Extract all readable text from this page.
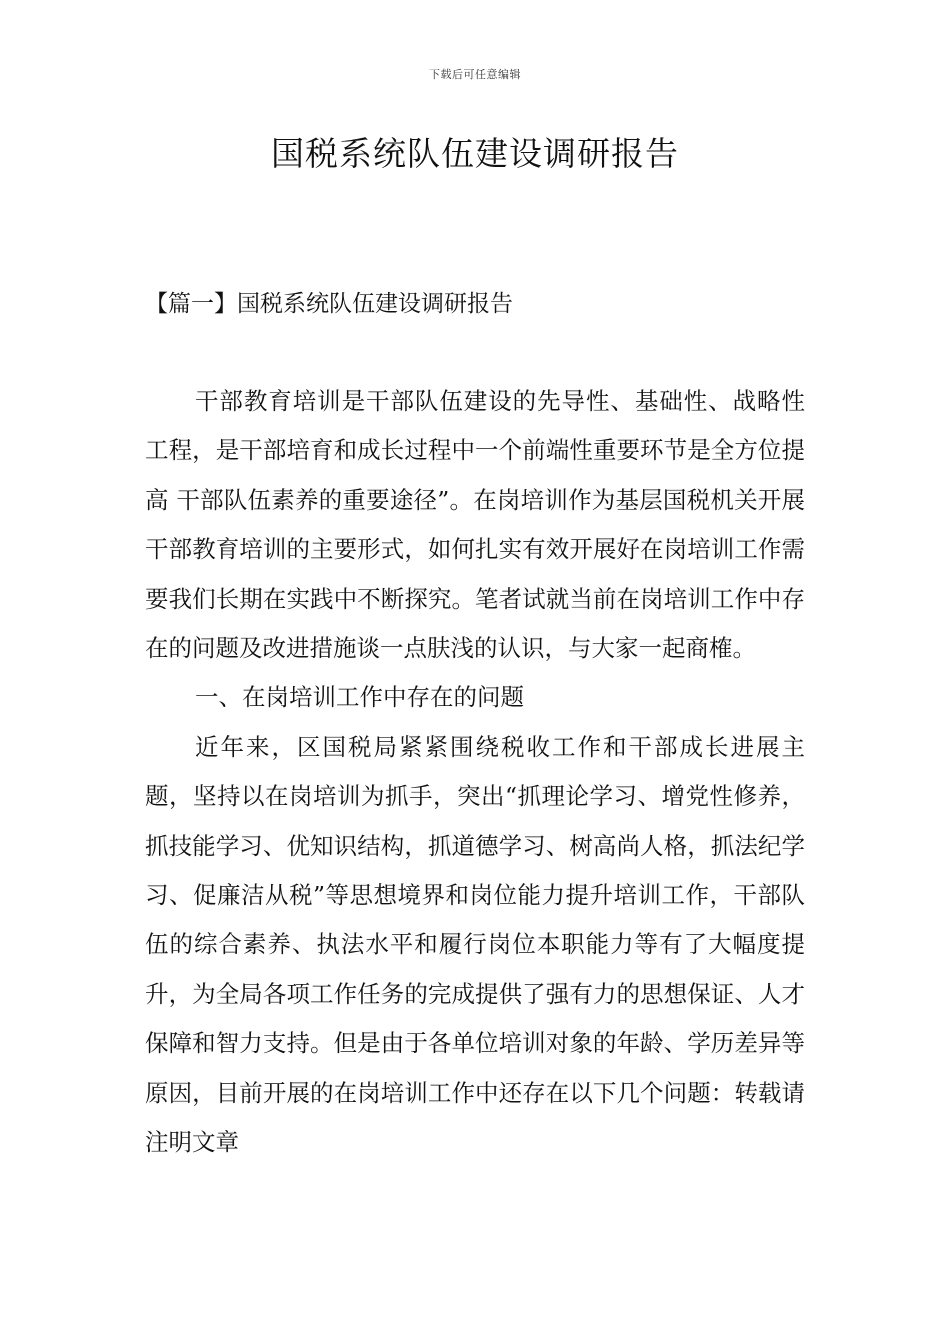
下载后可任意编辑
国税系统队伍建设调研报告
【篇一】国税系统队伍建设调研报告

干部教育培训是干部队伍建设的先导性、基础性、战略性工程，是干部培育和成长过程中一个前端性重要环节是全方位提高 干部队伍素养的重要途径”。在岗培训作为基层国税机关开展干部教育培训的主要形式，如何扎实有效开展好在岗培训工作需要我们长期在实践中不断探究。笔者试就当前在岗培训工作中存在的问题及改进措施谈一点肤浅的认识，与大家一起商榷。

一、在岗培训工作中存在的问题

近年来，区国税局紧紧围绕税收工作和干部成长进展主题，坚持以在岗培训为抓手，突出“抓理论学习、增党性修养，抓技能学习、优知识结构，抓道德学习、树高尚人格，抓法纪学习、促廉洁从税”等思想境界和岗位能力提升培训工作，干部队伍的综合素养、执法水平和履行岗位本职能力等有了大幅度提升，为全局各项工作任务的完成提供了强有力的思想保证、人才保障和智力支持。但是由于各单位培训对象的年龄、学历差异等原因，目前开展的在岗培训工作中还存在以下几个问题：转载请注明文章
